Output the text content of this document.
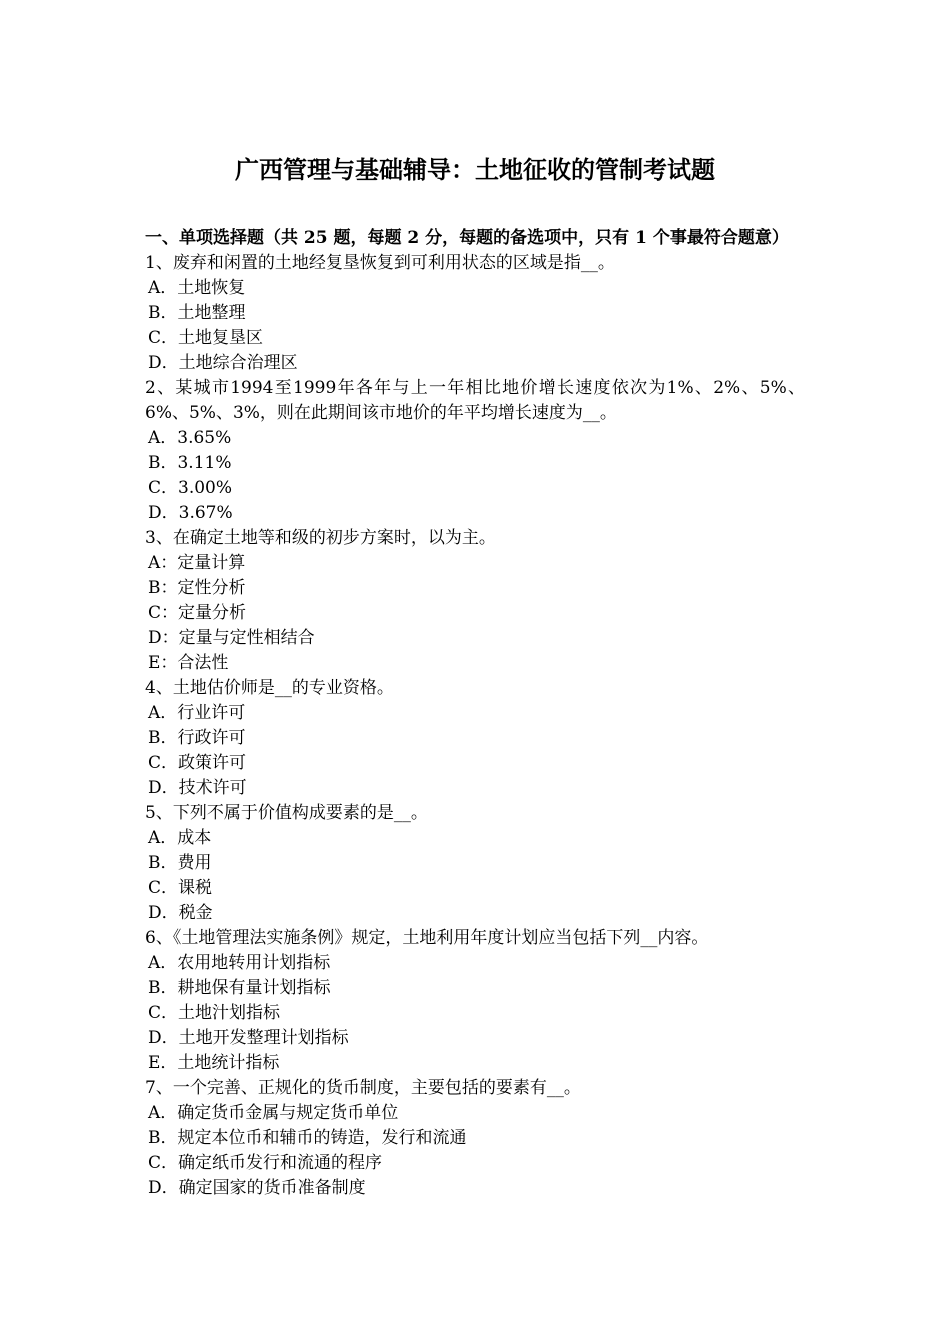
广西管理与基础辅导：土地征收的管制考试题

一、单项选择题（共 25 题，每题 2 分，每题的备选项中，只有 1 个事最符合题意）

1、废弃和闲置的土地经复垦恢复到可利用状态的区域是指__。
A．土地恢复
B．土地整理
C．土地复垦区
D．土地综合治理区
2、某城市1994至1999年各年与上一年相比地价增长速度依次为1%、2%、5%、6%、5%、3%，则在此期间该市地价的年平均增长速度为__。
A．3.65%
B．3.11%
C．3.00%
D．3.67%
3、在确定土地等和级的初步方案时，以为主。
A：定量计算
B：定性分析
C：定量分析
D：定量与定性相结合
E：合法性
4、土地估价师是__的专业资格。
A．行业许可
B．行政许可
C．政策许可
D．技术许可
5、下列不属于价值构成要素的是__。
A．成本
B．费用
C．课税
D．税金
6、《土地管理法实施条例》规定，土地利用年度计划应当包括下列__内容。
A．农用地转用计划指标
B．耕地保有量计划指标
C．土地汁划指标
D．土地开发整理计划指标
E．土地统计指标
7、一个完善、正规化的货币制度，主要包括的要素有__。
A．确定货币金属与规定货币单位
B．规定本位币和辅币的铸造，发行和流通
C．确定纸币发行和流通的程序
D．确定国家的货币准备制度
